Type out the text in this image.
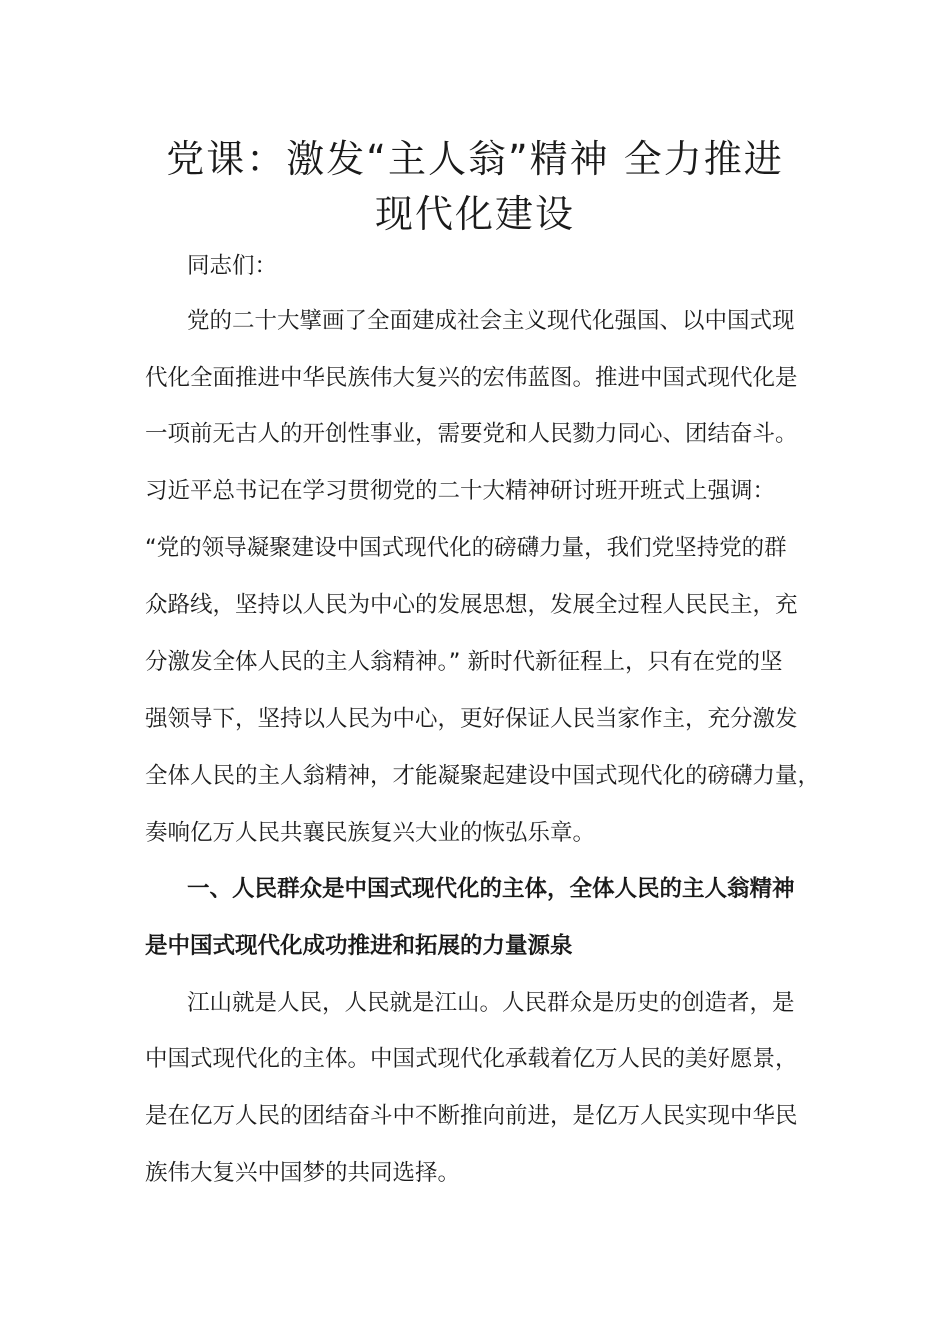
党课：激发“主人翁”精神 全力推进
现代化建设
同志们：
党的二十大擘画了全面建成社会主义现代化强国、以中国式现
代化全面推进中华民族伟大复兴的宏伟蓝图。推进中国式现代化是
一项前无古人的开创性事业，需要党和人民勠力同心、团结奋斗。
习近平总书记在学习贯彻党的二十大精神研讨班开班式上强调：
“党的领导凝聚建设中国式现代化的磅礴力量，我们党坚持党的群
众路线，坚持以人民为中心的发展思想，发展全过程人民民主，充
分激发全体人民的主人翁精神。” 新时代新征程上，只有在党的坚
强领导下，坚持以人民为中心，更好保证人民当家作主，充分激发
全体人民的主人翁精神，才能凝聚起建设中国式现代化的磅礴力量，
奏响亿万人民共襄民族复兴大业的恢弘乐章。
一、人民群众是中国式现代化的主体，全体人民的主人翁精神
是中国式现代化成功推进和拓展的力量源泉
江山就是人民，人民就是江山。人民群众是历史的创造者，是
中国式现代化的主体。中国式现代化承载着亿万人民的美好愿景，
是在亿万人民的团结奋斗中不断推向前进，是亿万人民实现中华民
族伟大复兴中国梦的共同选择。
